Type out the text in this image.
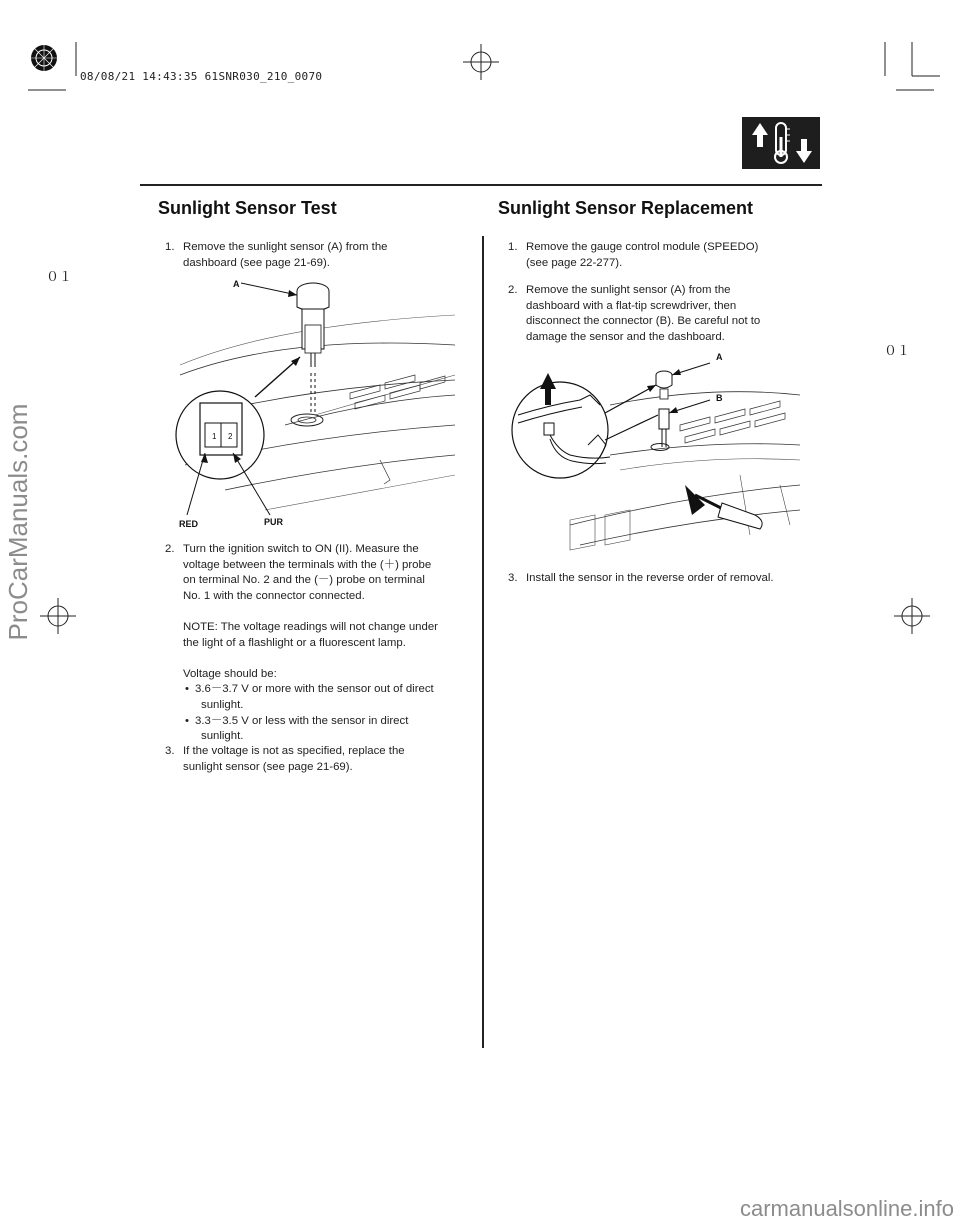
08/08/21 14:43:35 61SNR030_210_0070
０１
０１
ProCarManuals.com
carmanualsonline.info
Sunlight Sensor Test	Sunlight Sensor Replacement
1. Remove the sunlight sensor (A) from the

dashboard (see page 21-69).

A
1 2
RED	PUR
2. Turn the ignition switch to ON (II). Measure the

voltage between the terminals with the (＋) probe

on terminal No. 2 and the (－) probe on terminal

No. 1 with the connector connected.

NOTE: The voltage readings will not change under

the light of a flashlight or a fluorescent lamp.

Voltage should be:

• 3.6－3.7 V or more with the sensor out of direct

sunlight.

• 3.3－3.5 V or less with the sensor in direct

sunlight.

3. If the voltage is not as specified, replace the

sunlight sensor (see page 21-69).

1. Remove the gauge control module (SPEEDO)

(see page 22-277).

2. Remove the sunlight sensor (A) from the

dashboard with a flat-tip screwdriver, then

disconnect the connector (B). Be careful not to

damage the sensor and the dashboard.

A
B
3. Install the sensor in the reverse order of removal.
